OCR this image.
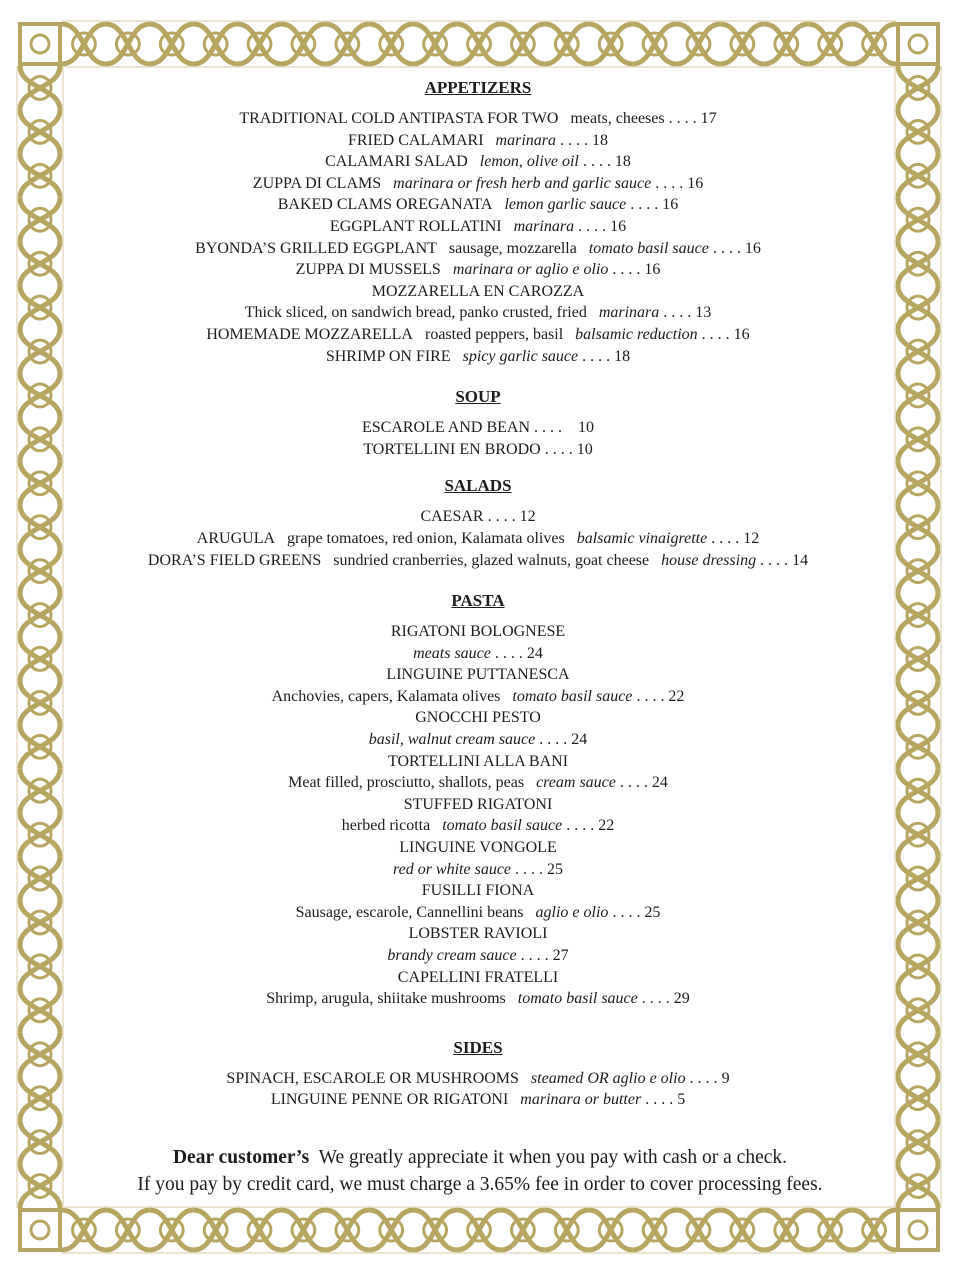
APPETIZERS
TRADITIONAL COLD ANTIPASTA FOR TWO meats, cheeses . . . . 17
FRIED CALAMARI marinara . . . . 18
CALAMARI SALAD lemon, olive oil . . . . 18
ZUPPA DI CLAMS marinara or fresh herb and garlic sauce . . . . 16
BAKED CLAMS OREGANATA lemon garlic sauce . . . . 16
EGGPLANT ROLLATINI marinara . . . . 16
BYONDA’S GRILLED EGGPLANT sausage, mozzarella tomato basil sauce . . . . 16
ZUPPA DI MUSSELS marinara or aglio e olio . . . . 16
MOZZARELLA EN CAROZZA
Thick sliced, on sandwich bread, panko crusted, fried marinara . . . . 13
HOMEMADE MOZZARELLA roasted peppers, basil balsamic reduction . . . . 16
SHRIMP ON FIRE spicy garlic sauce . . . . 18
SOUP
ESCAROLE AND BEAN . . . .    10
TORTELLINI EN BRODO . . . . 10
SALADS
CAESAR . . . . 12
ARUGULA grape tomatoes, red onion, Kalamata olives balsamic vinaigrette . . . . 12
DORA’S FIELD GREENS sundried cranberries, glazed walnuts, goat cheese house dressing . . . . 14
PASTA
RIGATONI BOLOGNESE
meats sauce . . . . 24
LINGUINE PUTTANESCA
Anchovies, capers, Kalamata olives tomato basil sauce . . . . 22
GNOCCHI PESTO
basil, walnut cream sauce . . . . 24
TORTELLINI ALLA BANI
Meat filled, prosciutto, shallots, peas cream sauce . . . . 24
STUFFED RIGATONI
herbed ricotta tomato basil sauce . . . . 22
LINGUINE VONGOLE
red or white sauce . . . . 25
FUSILLI FIONA
Sausage, escarole, Cannellini beans aglio e olio . . . . 25
LOBSTER RAVIOLI
brandy cream sauce . . . . 27
CAPELLINI FRATELLI
Shrimp, arugula, shiitake mushrooms tomato basil sauce . . . . 29
SIDES
SPINACH, ESCAROLE OR MUSHROOMS steamed OR aglio e olio . . . . 9
LINGUINE PENNE OR RIGATONI marinara or butter . . . . 5
Dear customer’s We greatly appreciate it when you pay with cash or a check.
If you pay by credit card, we must charge a 3.65% fee in order to cover processing fees.
